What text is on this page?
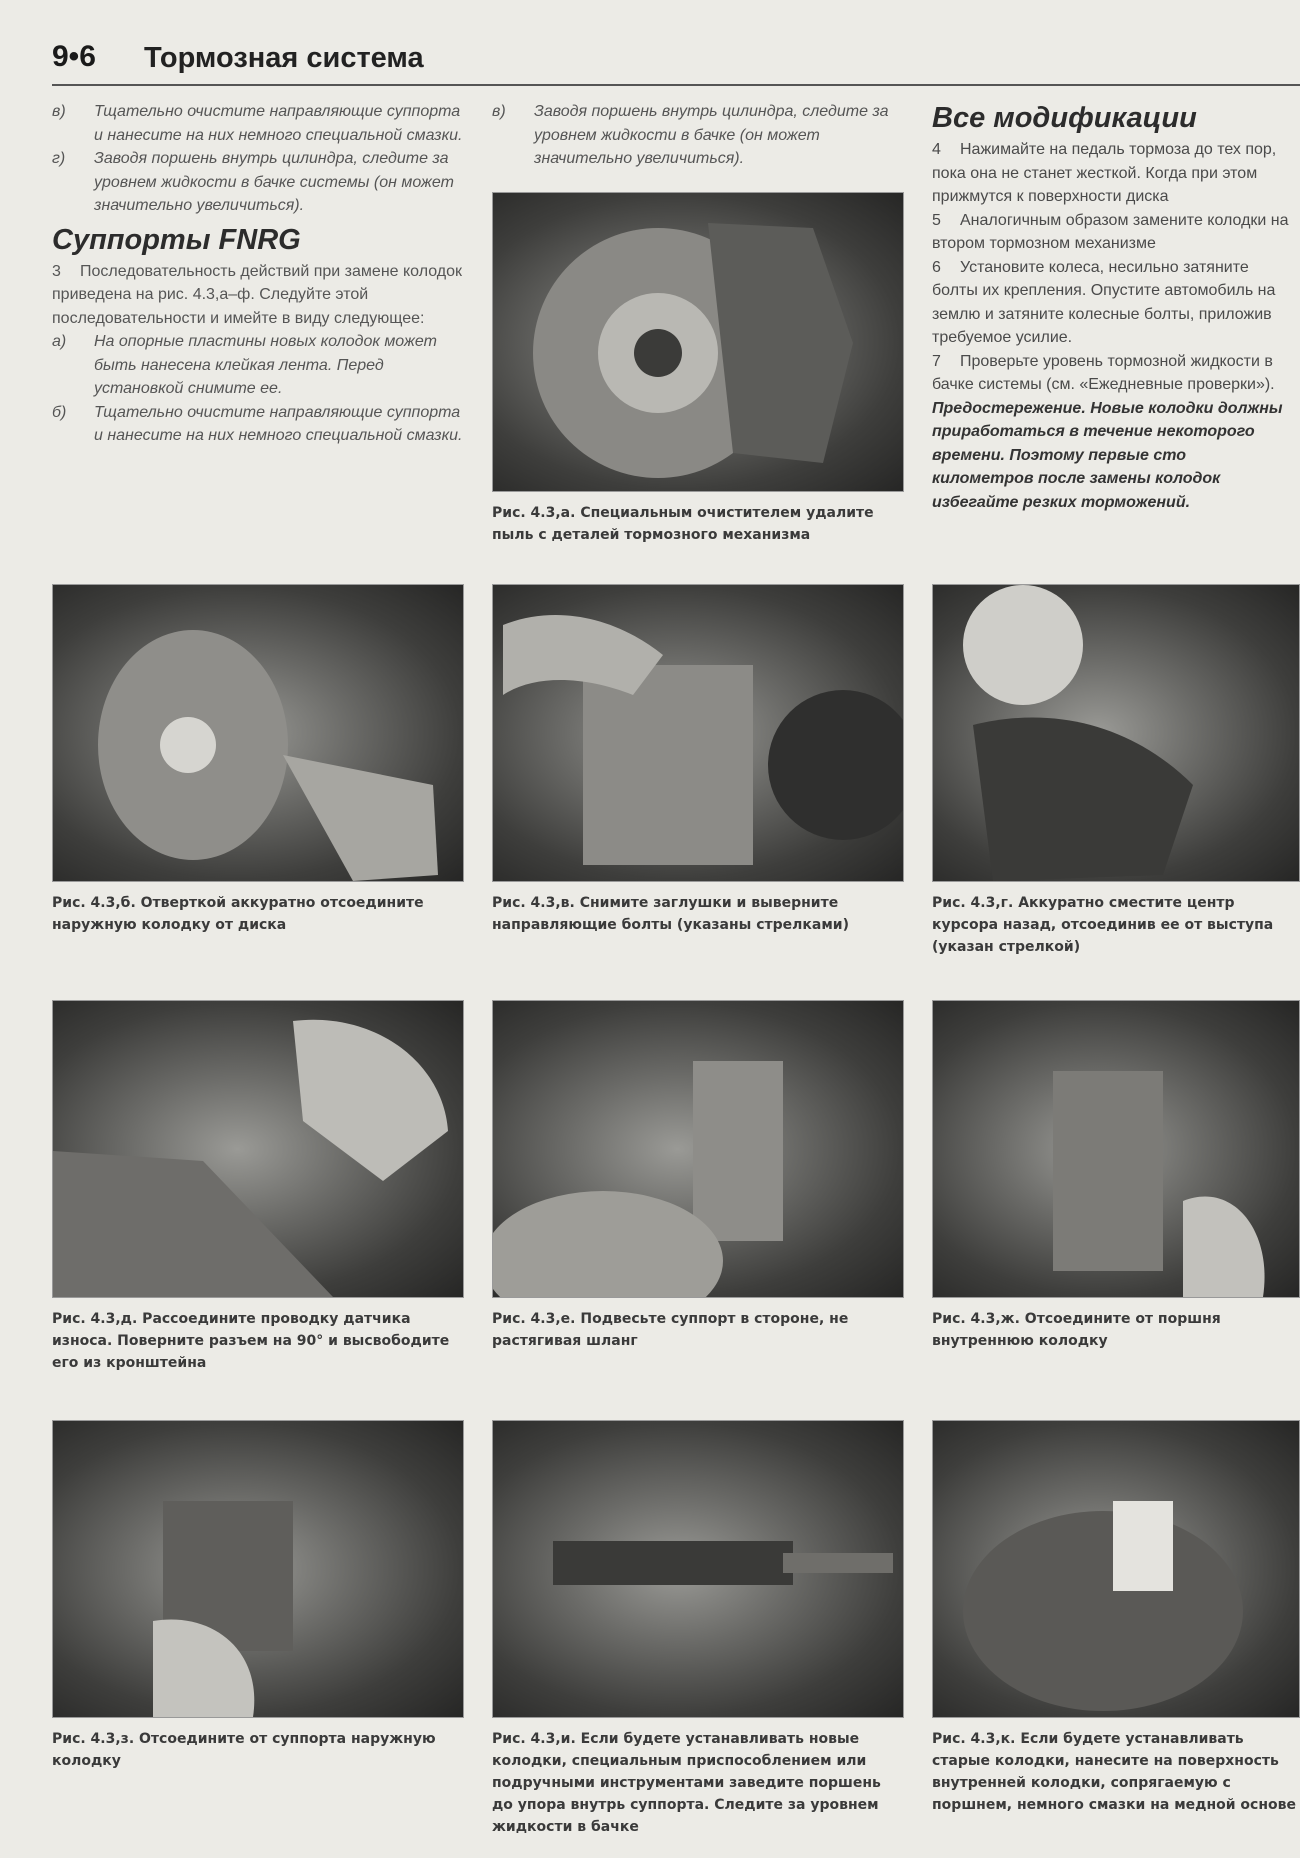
9•6 Тормозная система

в)	Тщательно очистите направляющие суппорта и нанесите на них немного специальной смазки.

г)	Заводя поршень внутрь цилиндра, следите за уровнем жидкости в бачке системы (он может значительно увеличиться).

Суппорты FNRG

3 Последовательность действий при замене колодок приведена на рис. 4.3,а–ф. Следуйте этой последовательности и имейте в виду следующее:

а)	На опорные пластины новых колодок может быть нанесена клейкая лента. Перед установкой снимите ее.

б)	Тщательно очистите направляющие суппорта и нанесите на них немного специальной смазки.

в)	Заводя поршень внутрь цилиндра, следите за уровнем жидкости в бачке (он может значительно увеличиться).

Все модификации

4 Нажимайте на педаль тормоза до тех пор, пока она не станет жесткой. Когда при этом прижмутся к поверхности диска

5 Аналогичным образом замените колодки на втором тормозном механизме

6 Установите колеса, несильно затяните болты их крепления. Опустите автомобиль на землю и затяните колесные болты, приложив требуемое усилие.

7 Проверьте уровень тормозной жидкости в бачке системы (см. «Ежедневные проверки»).

Предостережение. Новые колодки должны приработаться в течение некоторого времени. Поэтому первые сто километров после замены колодок избегайте резких торможений.

Рис. 4.3,а. Специальным очистителем удалите пыль с деталей тормозного механизма
Рис. 4.3,б. Отверткой аккуратно отсоедините наружную колодку от диска
Рис. 4.3,в. Снимите заглушки и выверните направляющие болты (указаны стрелками)
Рис. 4.3,г. Аккуратно сместите центр курсора назад, отсоединив ее от выступа (указан стрелкой)
Рис. 4.3,д. Рассоедините проводку датчика износа. Поверните разъем на 90° и высвободите его из кронштейна
Рис. 4.3,е. Подвесьте суппорт в стороне, не растягивая шланг
Рис. 4.3,ж. Отсоедините от поршня внутреннюю колодку
Рис. 4.3,з. Отсоедините от суппорта наружную колодку
Рис. 4.3,и. Если будете устанавливать новые колодки, специальным приспособлением или подручными инструментами заведите поршень до упора внутрь суппорта. Следите за уровнем жидкости в бачке
Рис. 4.3,к. Если будете устанавливать старые колодки, нанесите на поверхность внутренней колодки, сопрягаемую с поршнем, немного смазки на медной основе
